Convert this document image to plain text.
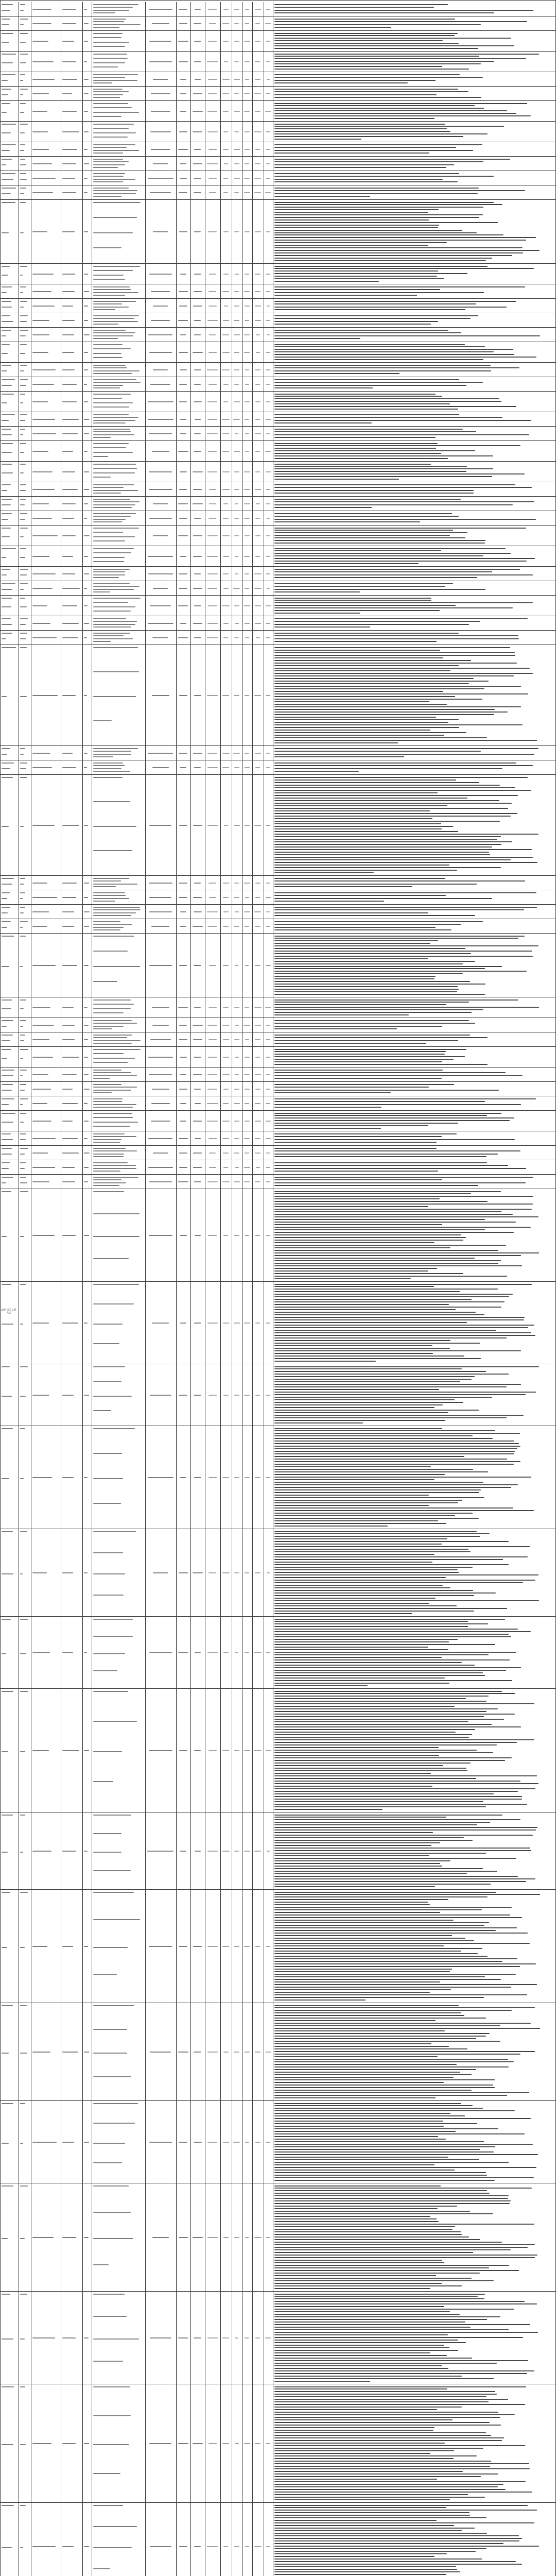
政府机关工作人员
